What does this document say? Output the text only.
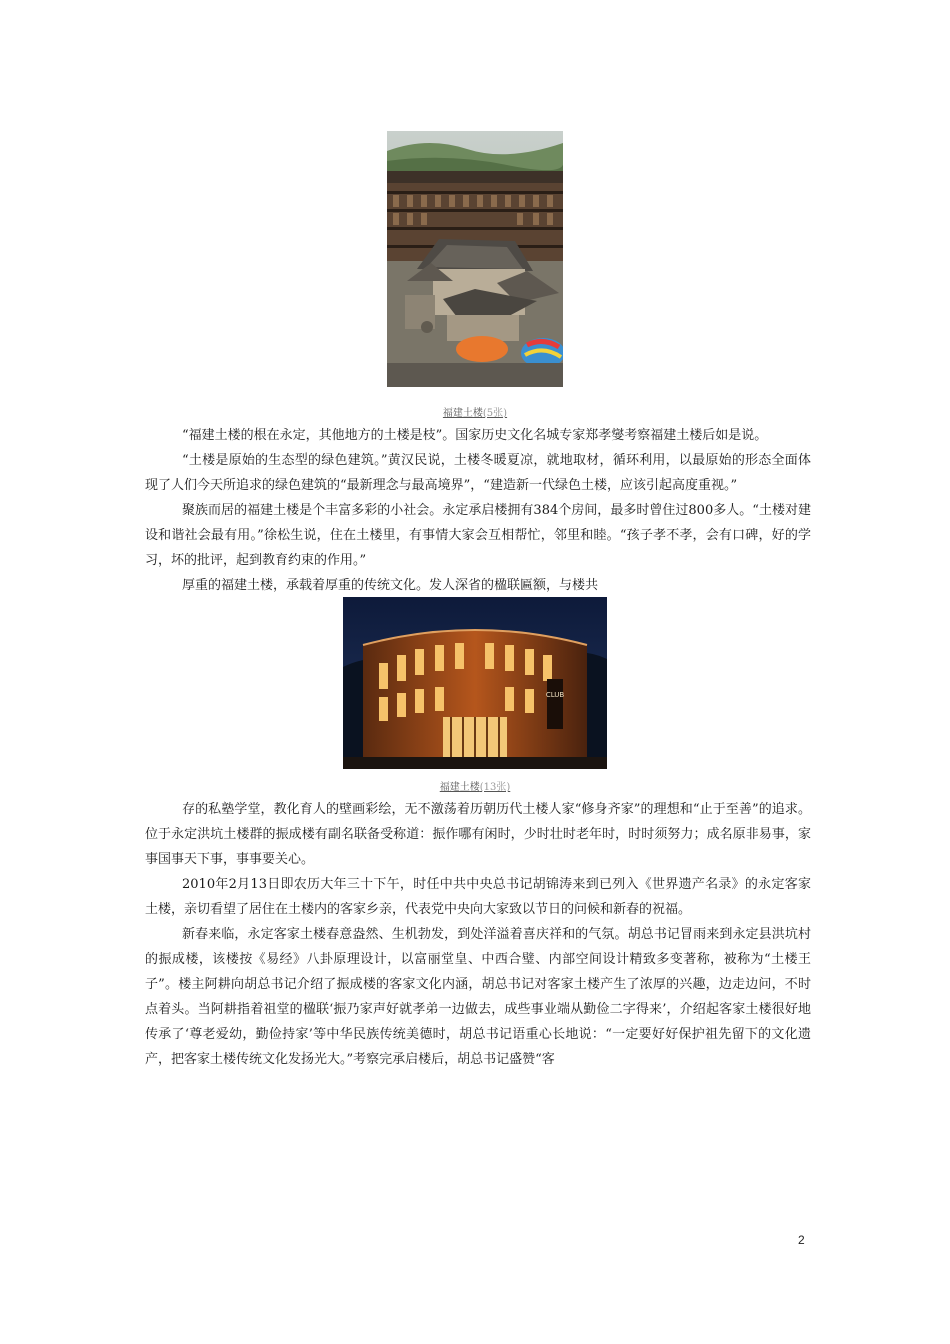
福建土楼(5张)

“福建土楼的根在永定，其他地方的土楼是枝”。国家历史文化名城专家郑孝燮考察福建土楼后如是说。

“土楼是原始的生态型的绿色建筑。”黄汉民说，土楼冬暖夏凉，就地取材，循环利用，以最原始的形态全面体现了人们今天所追求的绿色建筑的“最新理念与最高境界”，“建造新一代绿色土楼，应该引起高度重视。”

聚族而居的福建土楼是个丰富多彩的小社会。永定承启楼拥有384个房间，最多时曾住过800多人。“土楼对建设和谐社会最有用。”徐松生说，住在土楼里，有事情大家会互相帮忙，邻里和睦。“孩子孝不孝，会有口碑，好的学习，坏的批评，起到教育约束的作用。”

厚重的福建土楼，承载着厚重的传统文化。发人深省的楹联匾额，与楼共

CLUB
福建土楼(13张)

存的私塾学堂，教化育人的壁画彩绘，无不激荡着历朝历代土楼人家“修身齐家”的理想和“止于至善”的追求。位于永定洪坑土楼群的振成楼有副名联备受称道：振作哪有闲时，少时壮时老年时，时时须努力；成名原非易事，家事国事天下事，事事要关心。

2010年2月13日即农历大年三十下午，时任中共中央总书记胡锦涛来到已列入《世界遗产名录》的永定客家土楼，亲切看望了居住在土楼内的客家乡亲，代表党中央向大家致以节日的问候和新春的祝福。

新春来临，永定客家土楼春意盎然、生机勃发，到处洋溢着喜庆祥和的气氛。胡总书记冒雨来到永定县洪坑村的振成楼，该楼按《易经》八卦原理设计，以富丽堂皇、中西合璧、内部空间设计精致多变著称，被称为“土楼王子”。楼主阿耕向胡总书记介绍了振成楼的客家文化内涵，胡总书记对客家土楼产生了浓厚的兴趣，边走边问，不时点着头。当阿耕指着祖堂的楹联‘振乃家声好就孝弟一边做去，成些事业端从勤俭二字得来’，介绍起客家土楼很好地传承了‘尊老爱幼，勤俭持家’等中华民族传统美德时，胡总书记语重心长地说：“一定要好好保护祖先留下的文化遗产，把客家土楼传统文化发扬光大。”考察完承启楼后，胡总书记盛赞“客

2
